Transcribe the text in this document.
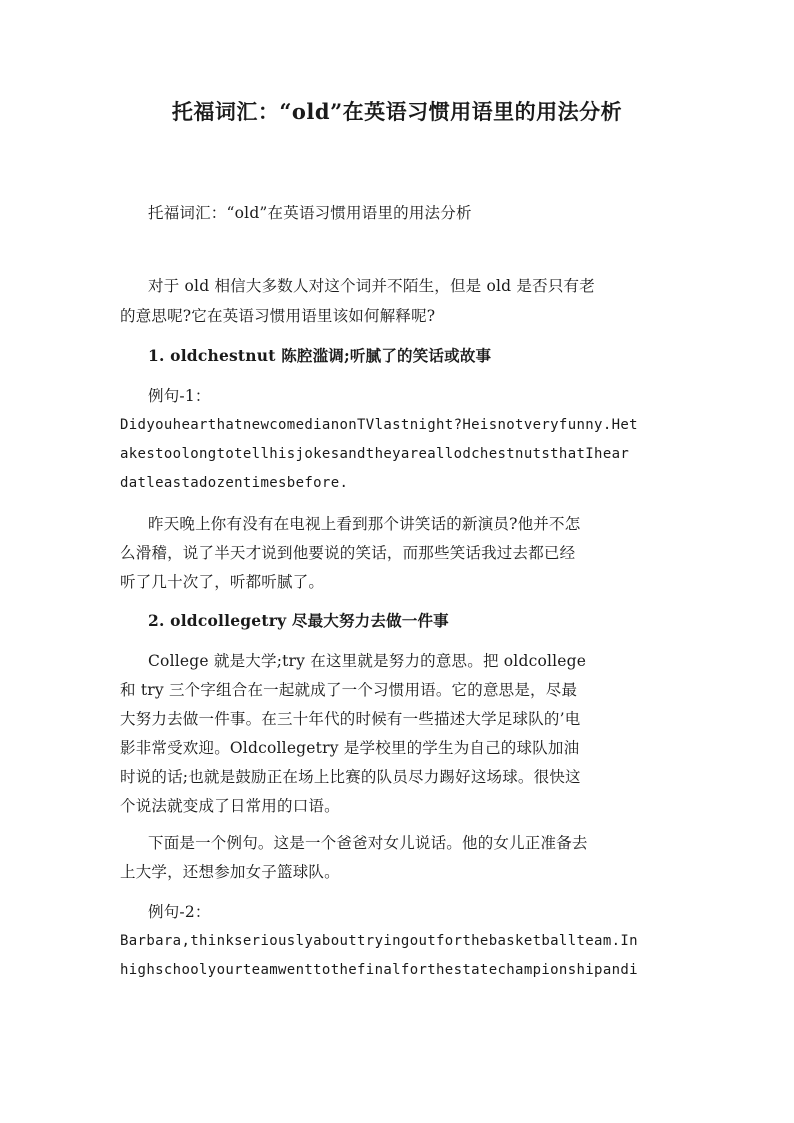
托福词汇：“old”在英语习惯用语里的用法分析
托福词汇：“old”在英语习惯用语里的用法分析
对于 old 相信大多数人对这个词并不陌生，但是 old 是否只有老
的意思呢?它在英语习惯用语里该如何解释呢?
1. oldchestnut 陈腔滥调;听腻了的笑话或故事
例句-1：
DidyouhearthatnewcomedianonTVlastnight?Heisnotveryfunny.Het
akestoolongtotellhisjokesandtheyareallodchestnutsthatIhear
datleastadozentimesbefore.
昨天晚上你有没有在电视上看到那个讲笑话的新演员?他并不怎
么滑稽，说了半天才说到他要说的笑话，而那些笑话我过去都已经
听了几十次了，听都听腻了。
2. oldcollegetry 尽最大努力去做一件事
College 就是大学;try 在这里就是努力的意思。把 oldcollege
和 try 三个字组合在一起就成了一个习惯用语。它的意思是，尽最
大努力去做一件事。在三十年代的时候有一些描述大学足球队的’电
影非常受欢迎。Oldcollegetry 是学校里的学生为自己的球队加油
时说的话;也就是鼓励正在场上比赛的队员尽力踢好这场球。很快这
个说法就变成了日常用的口语。
下面是一个例句。这是一个爸爸对女儿说话。他的女儿正准备去
上大学，还想参加女子篮球队。
例句-2：
Barbara,thinkseriouslyabouttryingoutforthebasketballteam.In
highschoolyourteamwenttothefinalforthestatechampionshipandi
